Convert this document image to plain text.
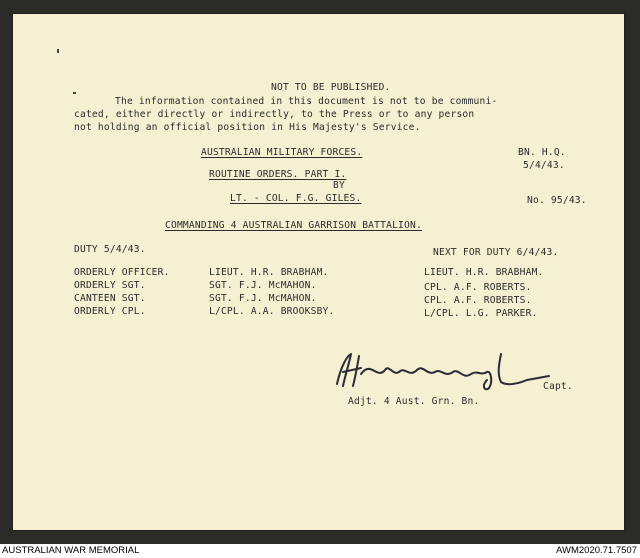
NOT TO BE PUBLISHED.
The information contained in this document is not to be communi-
cated, either directly or indirectly, to the Press or to any person
not holding an official position in His Majesty's Service.
AUSTRALIAN MILITARY FORCES.	BN. H.Q.
5/4/43.
ROUTINE ORDERS. PART I.
BY
LT. - COL. F.G. GILES.	No. 95/43.
COMMANDING 4 AUSTRALIAN GARRISON BATTALION.
DUTY 5/4/43.	NEXT FOR DUTY 6/4/43.
ORDERLY OFFICER.	LIEUT. H.R. BRABHAM.	LIEUT. H.R. BRABHAM.
ORDERLY SGT.	SGT. F.J. McMAHON.	CPL. A.F. ROBERTS.
CANTEEN SGT.	SGT. F.J. McMAHON.	CPL. A.F. ROBERTS.
ORDERLY CPL.	L/CPL. A.A. BROOKSBY.	L/CPL. L.G. PARKER.
Capt.
Adjt. 4 Aust. Grn. Bn.
AUSTRALIAN WAR MEMORIAL	AWM2020.71.7507
